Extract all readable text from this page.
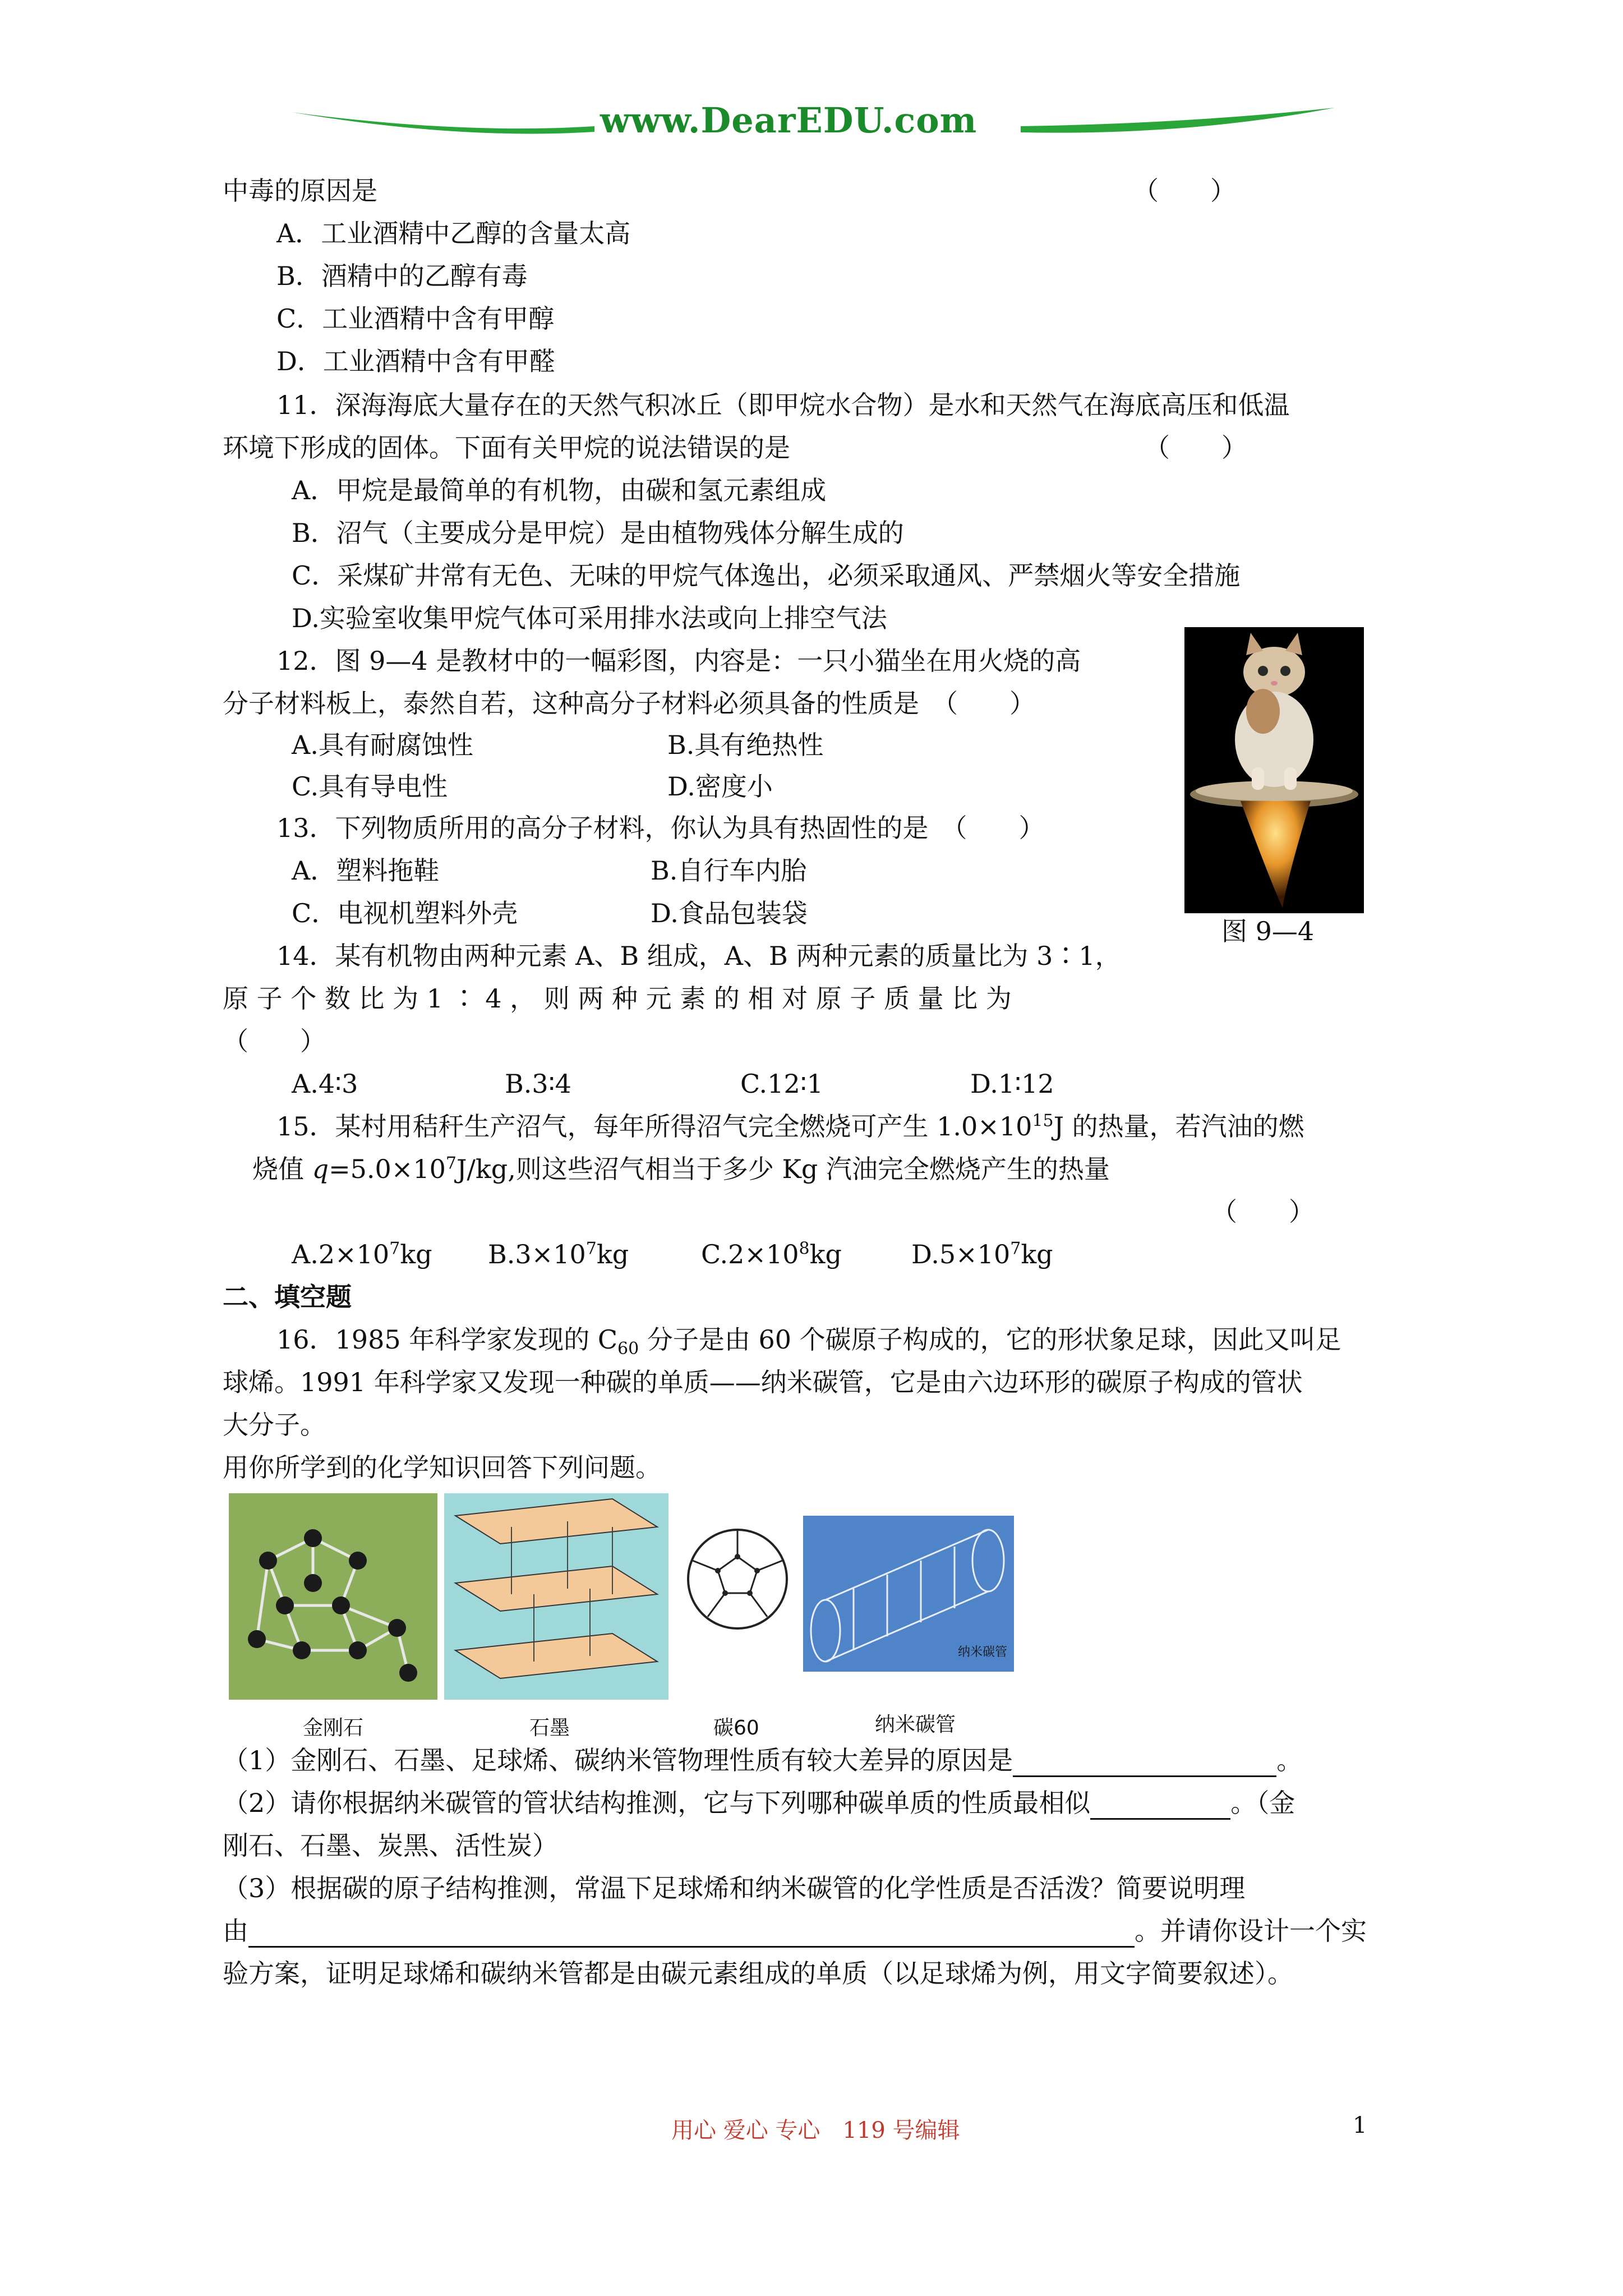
www.DearEDU.com
中毒的原因是	（　　）
A．工业酒精中乙醇的含量太高
B．酒精中的乙醇有毒
C．工业酒精中含有甲醇
D．工业酒精中含有甲醛
11．深海海底大量存在的天然气积冰丘（即甲烷水合物）是水和天然气在海底高压和低温
环境下形成的固体。下面有关甲烷的说法错误的是	（　　）
A．甲烷是最简单的有机物，由碳和氢元素组成
B．沼气（主要成分是甲烷）是由植物残体分解生成的
C．采煤矿井常有无色、无味的甲烷气体逸出，必须采取通风、严禁烟火等安全措施
D.实验室收集甲烷气体可采用排水法或向上排空气法
12．图 9—4 是教材中的一幅彩图，内容是：一只小猫坐在用火烧的高
分子材料板上，泰然自若，这种高分子材料必须具备的性质是　（　　）
A.具有耐腐蚀性	B.具有绝热性
C.具有导电性	D.密度小
图 9—4
13．下列物质所用的高分子材料，你认为具有热固性的是　（　　）
A．塑料拖鞋	B.自行车内胎
C．电视机塑料外壳	D.食品包装袋
14．某有机物由两种元素 A、B 组成，A、B 两种元素的质量比为 3∶1，
原 子 个 数 比 为 1 ∶ 4 ， 则 两 种 元 素 的 相 对 原 子 质 量 比 为
（　　）
A.4∶3	B.3∶4	C.12∶1	D.1∶12
15．某村用秸秆生产沼气，每年所得沼气完全燃烧可产生 $1.0\times 10^{15}J$ 的热量，若汽油的燃
烧值 $q=5.0\times 10^7J/kg$,则这些沼气相当于多少 Kg 汽油完全燃烧产生的热量
（　　）
$A.2\times 10^7kg$ $B.3\times 10^7kg$	$C.2\times 10^8kg$	$D.5\times 10^7kg$
二、填空题
16．1985 年科学家发现的 $C_{60}$ 分子是由 60 个碳原子构成的，它的形状象足球，因此又叫足
球烯。1991 年科学家又发现一种碳的单质——纳米碳管，它是由六边环形的碳原子构成的管状
大分子。
用你所学到的化学知识回答下列问题。
纳米碳管
金刚石	石墨	碳60	纳米碳管
（1）金刚石、石墨、足球烯、碳纳米管物理性质有较大差异的原因是	。
（2）请你根据纳米碳管的管状结构推测，它与下列哪种碳单质的性质最相似	。（金
刚石、石墨、炭黑、活性炭）
（3）根据碳的原子结构推测，常温下足球烯和纳米碳管的化学性质是否活泼？简要说明理
由	。并请你设计一个实
验方案，证明足球烯和碳纳米管都是由碳元素组成的单质（以足球烯为例，用文字简要叙述）。
用心 爱心 专心　119 号编辑	1
